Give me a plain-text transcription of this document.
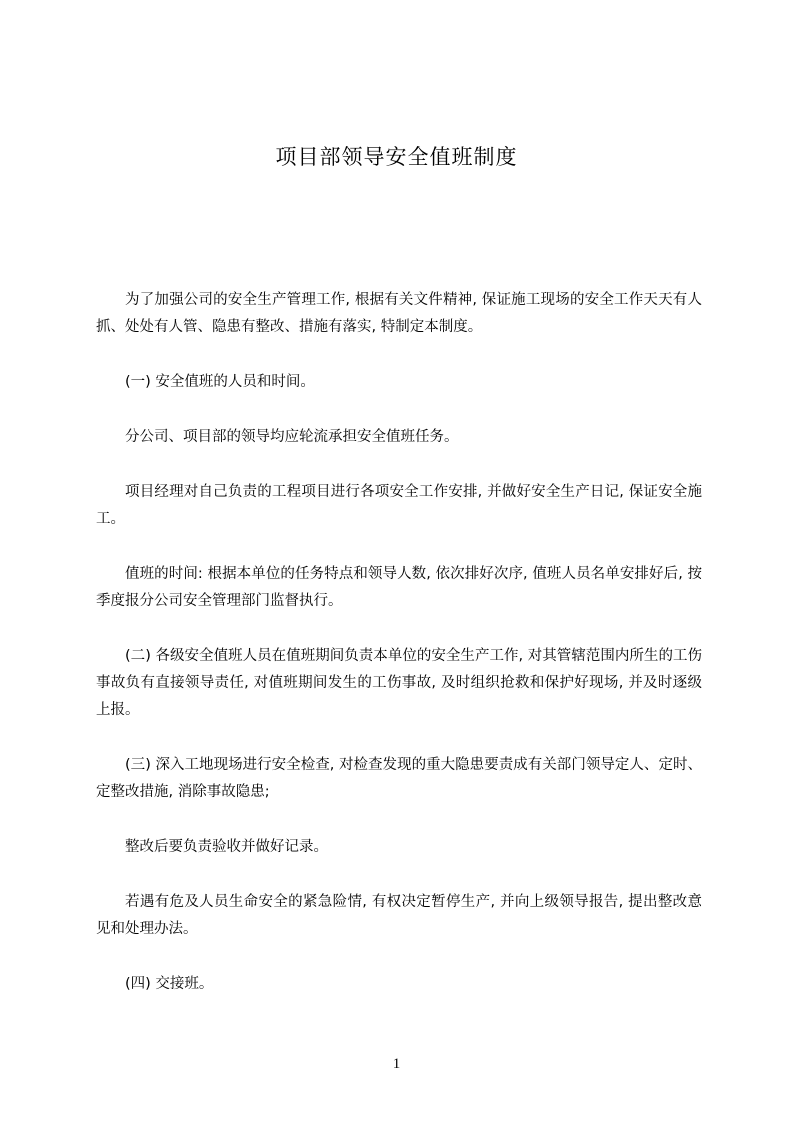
项目部领导安全值班制度

为了加强公司的安全生产管理工作, 根据有关文件精神, 保证施工现场的安全工作天天有人抓、处处有人管、隐患有整改、措施有落实, 特制定本制度。

(一) 安全值班的人员和时间。

分公司、项目部的领导均应轮流承担安全值班任务。

项目经理对自己负责的工程项目进行各项安全工作安排, 并做好安全生产日记, 保证安全施工。

值班的时间: 根据本单位的任务特点和领导人数, 依次排好次序, 值班人员名单安排好后, 按季度报分公司安全管理部门监督执行。

(二) 各级安全值班人员在值班期间负责本单位的安全生产工作, 对其管辖范围内所生的工伤事故负有直接领导责任, 对值班期间发生的工伤事故, 及时组织抢救和保护好现场, 并及时逐级上报。

(三) 深入工地现场进行安全检查, 对检查发现的重大隐患要责成有关部门领导定人、定时、定整改措施, 消除事故隐患;

整改后要负责验收并做好记录。

若遇有危及人员生命安全的紧急险情, 有权决定暂停生产, 并向上级领导报告, 提出整改意见和处理办法。

(四) 交接班。

1
